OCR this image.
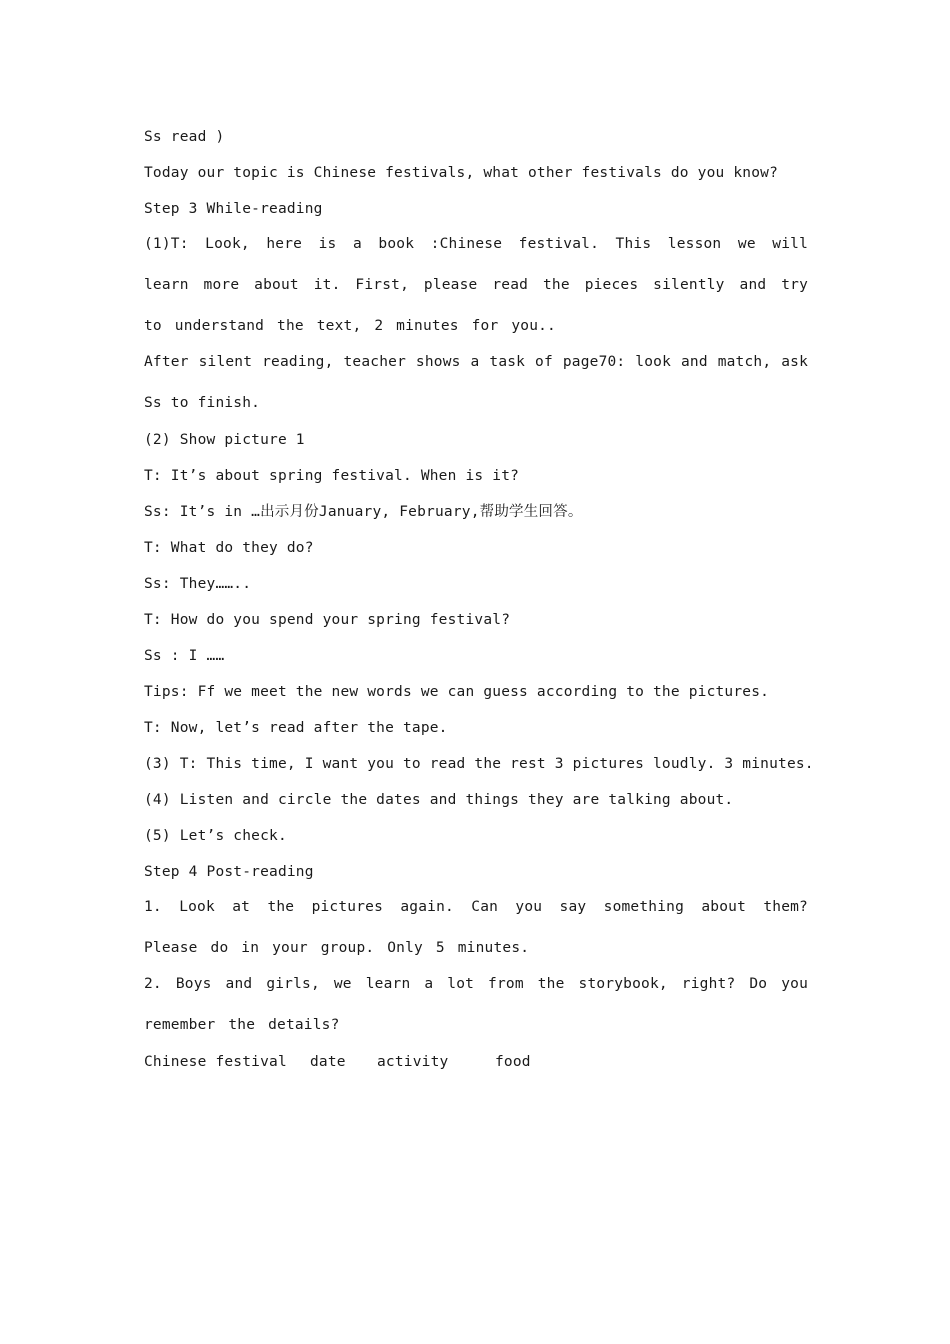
Ss read )
Today our topic is Chinese festivals, what other festivals do you know?
Step 3 While-reading
(1)T: Look, here is a book :Chinese festival. This lesson we will learn more about it. First, please read the pieces silently and try to understand the text, 2 minutes for you..
After silent reading, teacher shows a task of page70: look and match, ask Ss to finish.
(2) Show picture 1
T: It’s about spring festival. When is it?
Ss: It’s in …出示月份January, February,帮助学生回答。
T: What do they do?
Ss: They……..
T: How do you spend your spring festival?
Ss : I ……
Tips: Ff we meet the new words we can guess according to the pictures.
T: Now, let’s read after the tape.
(3) T: This time, I want you to read the rest 3 pictures loudly. 3 minutes.
(4) Listen and circle the dates and things they are talking about.
(5) Let’s check.
Step 4 Post-reading
1. Look at the pictures again. Can you say something about them? Please do in your group. Only 5 minutes.
2. Boys and girls, we learn a lot from the storybook, right? Do you remember the details?
Chinese festival	date	activity	food
